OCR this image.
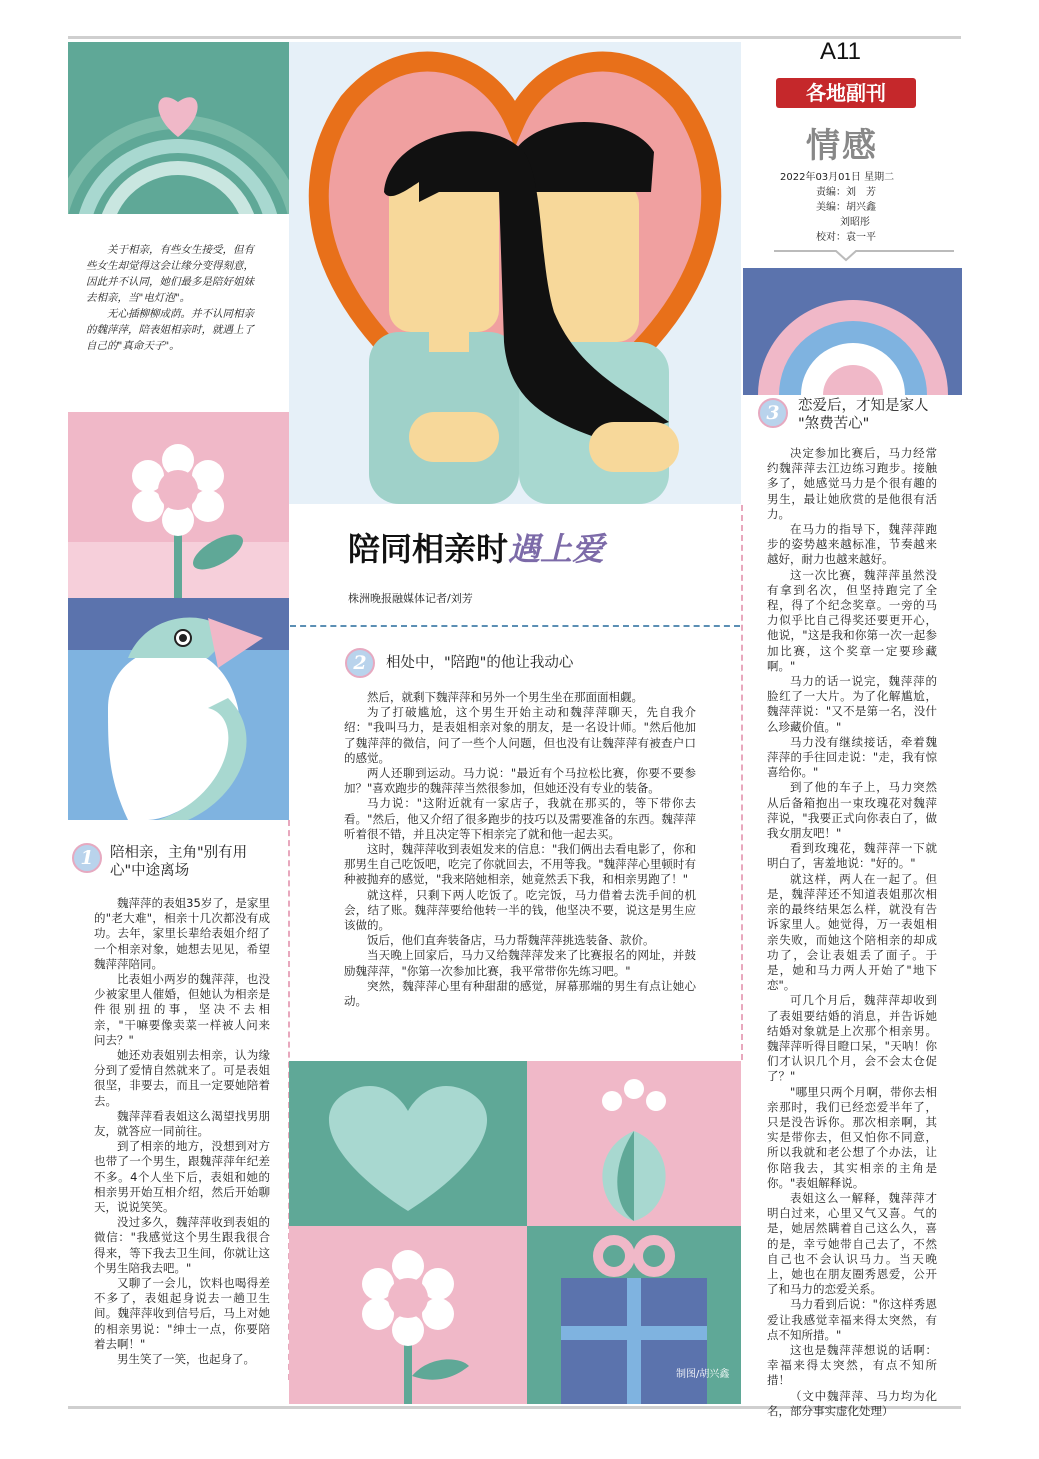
A11
各地副刊
情感
2022年03月01日 星期二
责编：刘　芳
美编：胡兴鑫
刘昭彤
校对：袁一平

关于相亲，有些女生接受，但有些女生却觉得这会让缘分变得刻意，因此并不认同，她们最多是陪好姐妹去相亲，当"电灯泡"。

无心插柳柳成荫。并不认同相亲的魏萍萍，陪表姐相亲时，就遇上了自己的"真命天子"。

陪同相亲时遇上爱
株洲晚报融媒体记者/刘芳
2	相处中，"陪跑"的他让我动心

然后，就剩下魏萍萍和另外一个男生坐在那面面相觑。

为了打破尴尬，这个男生开始主动和魏萍萍聊天，先自我介绍："我叫马力，是表姐相亲对象的朋友，是一名设计师。"然后他加了魏萍萍的微信，问了一些个人问题，但也没有让魏萍萍有被查户口的感觉。

两人还聊到运动。马力说："最近有个马拉松比赛，你要不要参加？"喜欢跑步的魏萍萍当然很参加，但她还没有专业的装备。

马力说："这附近就有一家店子，我就在那买的，等下带你去看。"然后，他又介绍了很多跑步的技巧以及需要准备的东西。魏萍萍听着很不错，并且决定等下相亲完了就和他一起去买。

这时，魏萍萍收到表姐发来的信息："我们俩出去看电影了，你和那男生自己吃饭吧，吃完了你就回去，不用等我。"魏萍萍心里顿时有种被抛弃的感觉，"我来陪她相亲，她竟然丢下我，和相亲男跑了！"

就这样，只剩下两人吃饭了。吃完饭，马力借着去洗手间的机会，结了账。魏萍萍要给他转一半的钱，他坚决不要，说这是男生应该做的。

饭后，他们直奔装备店，马力帮魏萍萍挑选装备、款价。

当天晚上回家后，马力又给魏萍萍发来了比赛报名的网址，并鼓励魏萍萍，"你第一次参加比赛，我平常带你先练习吧。"

突然，魏萍萍心里有种甜甜的感觉，屏幕那端的男生有点让她心动。

1	陪相亲，主角"别有用
心"中途离场

魏萍萍的表姐35岁了，是家里的"老大难"，相亲十几次都没有成功。去年，家里长辈给表姐介绍了一个相亲对象，她想去见见，希望魏萍萍陪同。

比表姐小两岁的魏萍萍，也没少被家里人催婚，但她认为相亲是件很别扭的事，坚决不去相亲，"干嘛要像卖菜一样被人问来问去？"

她还劝表姐别去相亲，认为缘分到了爱情自然就来了。可是表姐很坚，非要去，而且一定要她陪着去。

魏萍萍看表姐这么渴望找男朋友，就答应一同前往。

到了相亲的地方，没想到对方也带了一个男生，跟魏萍萍年纪差不多。4个人坐下后，表姐和她的相亲男开始互相介绍，然后开始聊天，说说笑笑。

没过多久，魏萍萍收到表姐的微信："我感觉这个男生跟我很合得来，等下我去卫生间，你就让这个男生陪我去吧。"

又聊了一会儿，饮料也喝得差不多了，表姐起身说去一趟卫生间。魏萍萍收到信号后，马上对她的相亲男说："绅士一点，你要陪着去啊！"

男生笑了一笑，也起身了。

3	恋爱后，才知是家人
"煞费苦心"

决定参加比赛后，马力经常约魏萍萍去江边练习跑步。接触多了，她感觉马力是个很有趣的男生，最让她欣赏的是他很有活力。

在马力的指导下，魏萍萍跑步的姿势越来越标准，节奏越来越好，耐力也越来越好。

这一次比赛，魏萍萍虽然没有拿到名次，但坚持跑完了全程，得了个纪念奖章。一旁的马力似乎比自己得奖还要更开心，他说，"这是我和你第一次一起参加比赛，这个奖章一定要珍藏啊。"

马力的话一说完，魏萍萍的脸红了一大片。为了化解尴尬，魏萍萍说："又不是第一名，没什么珍藏价值。"

马力没有继续接话，牵着魏萍萍的手往回走说："走，我有惊喜给你。"

到了他的车子上，马力突然从后备箱抱出一束玫瑰花对魏萍萍说，"我要正式向你表白了，做我女朋友吧！"

看到玫瑰花，魏萍萍一下就明白了，害羞地说："好的。"

就这样，两人在一起了。但是，魏萍萍还不知道表姐那次相亲的最终结果怎么样，就没有告诉家里人。她觉得，万一表姐相亲失败，而她这个陪相亲的却成功了，会让表姐丢了面子。于是，她和马力两人开始了"地下恋"。

可几个月后，魏萍萍却收到了表姐要结婚的消息，并告诉她结婚对象就是上次那个相亲男。魏萍萍听得目瞪口呆，"天呐！你们才认识几个月，会不会太仓促了？"

"哪里只两个月啊，带你去相亲那时，我们已经恋爱半年了，只是没告诉你。那次相亲啊，其实是带你去，但又怕你不同意，所以我就和老公想了个办法，让你陪我去，其实相亲的主角是你。"表姐解释说。

表姐这么一解释，魏萍萍才明白过来，心里又气又喜。气的是，她居然瞒着自己这么久，喜的是，幸亏她带自己去了，不然自己也不会认识马力。当天晚上，她也在朋友圈秀恩爱，公开了和马力的恋爱关系。

马力看到后说："你这样秀恩爱让我感觉幸福来得太突然，有点不知所措。"

这也是魏萍萍想说的话啊：幸福来得太突然，有点不知所措！

（文中魏萍萍、马力均为化名，部分事实虚化处理）

制图/胡兴鑫
